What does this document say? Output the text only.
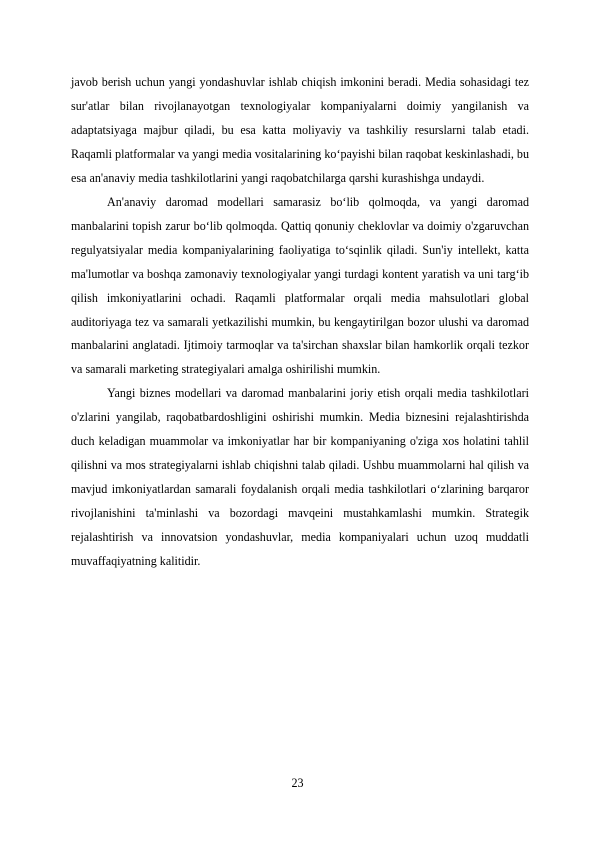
javob berish uchun yangi yondashuvlar ishlab chiqish imkonini beradi. Media sohasidagi tez sur'atlar bilan rivojlanayotgan texnologiyalar kompaniyalarni doimiy yangilanish va adaptatsiyaga majbur qiladi, bu esa katta moliyaviy va tashkiliy resurslarni talab etadi. Raqamli platformalar va yangi media vositalarining ko‘payishi bilan raqobat keskinlashadi, bu esa an'anaviy media tashkilotlarini yangi raqobatchilarga qarshi kurashishga undaydi.

An'anaviy daromad modellari samarasiz bo‘lib qolmoqda, va yangi daromad manbalarini topish zarur bo‘lib qolmoqda. Qattiq qonuniy cheklovlar va doimiy o'zgaruvchan regulyatsiyalar media kompaniyalarining faoliyatiga to‘sqinlik qiladi. Sun'iy intellekt, katta ma'lumotlar va boshqa zamonaviy texnologiyalar yangi turdagi kontent yaratish va uni targ‘ib qilish imkoniyatlarini ochadi. Raqamli platformalar orqali media mahsulotlari global auditoriyaga tez va samarali yetkazilishi mumkin, bu kengaytirilgan bozor ulushi va daromad manbalarini anglatadi. Ijtimoiy tarmoqlar va ta'sirchan shaxslar bilan hamkorlik orqali tezkor va samarali marketing strategiyalari amalga oshirilishi mumkin.

Yangi biznes modellari va daromad manbalarini joriy etish orqali media tashkilotlari o'zlarini yangilab, raqobatbardoshligini oshirishi mumkin. Media biznesini rejalashtirishda duch keladigan muammolar va imkoniyatlar har bir kompaniyaning o'ziga xos holatini tahlil qilishni va mos strategiyalarni ishlab chiqishni talab qiladi. Ushbu muammolarni hal qilish va mavjud imkoniyatlardan samarali foydalanish orqali media tashkilotlari o‘zlarining barqaror rivojlanishini ta'minlashi va bozordagi mavqeini mustahkamlashi mumkin. Strategik rejalashtirish va innovatsion yondashuvlar, media kompaniyalari uchun uzoq muddatli muvaffaqiyatning kalitidir.

23
